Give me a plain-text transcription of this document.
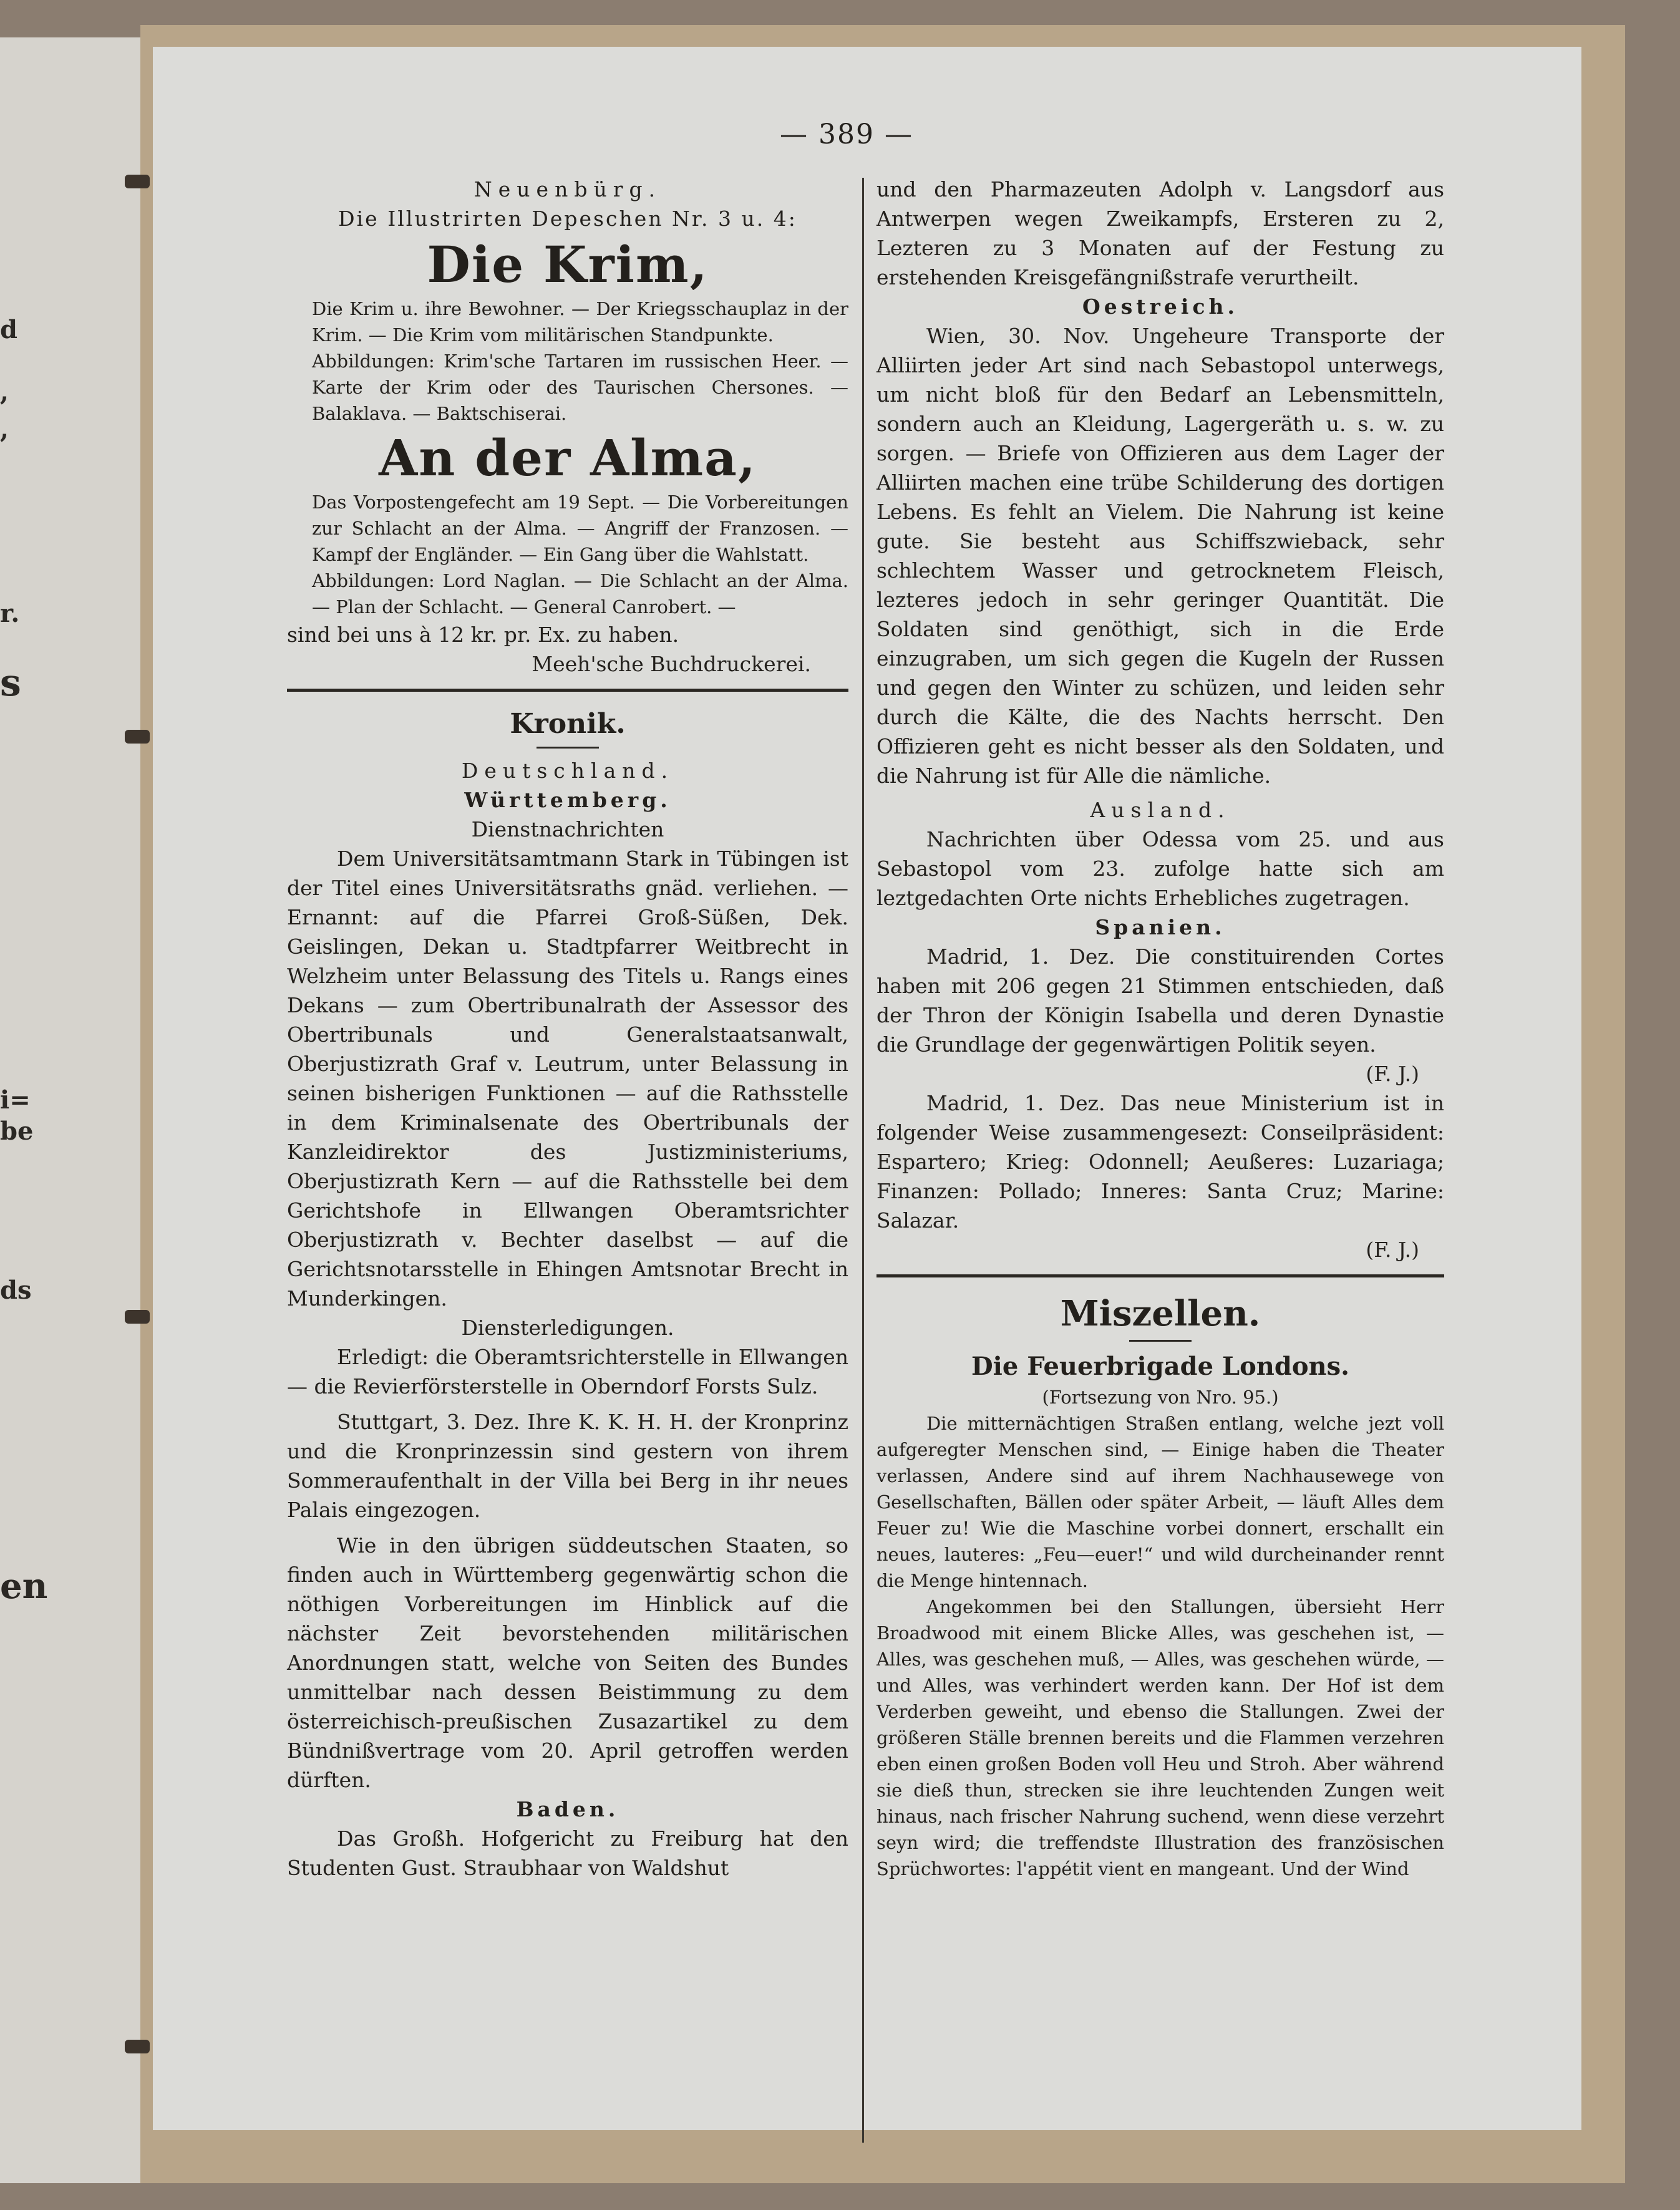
d
,
,
r.
s
i=
be
ds
en
— 389 —

Neuenbürg.

Die Illustrirten Depeschen Nr. 3 u. 4:

Die Krim,

Die Krim u. ihre Bewohner. — Der Kriegsschauplaz in der Krim. — Die Krim vom militärischen Standpunkte.

Abbildungen: Krim'sche Tartaren im russischen Heer. — Karte der Krim oder des Taurischen Chersones. — Balaklava. — Baktschiserai.

An der Alma,

Das Vorpostengefecht am 19 Sept. — Die Vorbereitungen zur Schlacht an der Alma. — Angriff der Franzosen. — Kampf der Engländer. — Ein Gang über die Wahlstatt.

Abbildungen: Lord Naglan. — Die Schlacht an der Alma. — Plan der Schlacht. — General Canrobert. —

sind bei uns à 12 kr. pr. Ex. zu haben.

Meeh'sche Buchdruckerei.

Kronik.

Deutschland.

Württemberg.

Dienstnachrichten

Dem Universitätsamtmann Stark in Tübingen ist der Titel eines Universitätsraths gnäd. verliehen. — Ernannt: auf die Pfarrei Groß-Süßen, Dek. Geislingen, Dekan u. Stadtpfarrer Weitbrecht in Welzheim unter Belassung des Titels u. Rangs eines Dekans — zum Obertribunalrath der Assessor des Obertribunals und Generalstaatsanwalt, Oberjustizrath Graf v. Leutrum, unter Belassung in seinen bisherigen Funktionen — auf die Rathsstelle in dem Kriminalsenate des Obertribunals der Kanzleidirektor des Justizministeriums, Oberjustizrath Kern — auf die Rathsstelle bei dem Gerichtshofe in Ellwangen Oberamtsrichter Oberjustizrath v. Bechter daselbst — auf die Gerichtsnotarsstelle in Ehingen Amtsnotar Brecht in Munderkingen.

Diensterledigungen.

Erledigt: die Oberamtsrichterstelle in Ellwangen — die Revierförsterstelle in Oberndorf Forsts Sulz.

Stuttgart, 3. Dez. Ihre K. K. H. H. der Kronprinz und die Kronprinzessin sind gestern von ihrem Sommeraufenthalt in der Villa bei Berg in ihr neues Palais eingezogen.

Wie in den übrigen süddeutschen Staaten, so finden auch in Württemberg gegenwärtig schon die nöthigen Vorbereitungen im Hinblick auf die nächster Zeit bevorstehenden militärischen Anordnungen statt, welche von Seiten des Bundes unmittelbar nach dessen Beistimmung zu dem österreichisch-preußischen Zusazartikel zu dem Bündnißvertrage vom 20. April getroffen werden dürften.

Baden.

Das Großh. Hofgericht zu Freiburg hat den Studenten Gust. Straubhaar von Waldshut

und den Pharmazeuten Adolph v. Langsdorf aus Antwerpen wegen Zweikampfs, Ersteren zu 2, Lezteren zu 3 Monaten auf der Festung zu erstehenden Kreisgefängnißstrafe verurtheilt.

Oestreich.

Wien, 30. Nov. Ungeheure Transporte der Alliirten jeder Art sind nach Sebastopol unterwegs, um nicht bloß für den Bedarf an Lebensmitteln, sondern auch an Kleidung, Lagergeräth u. s. w. zu sorgen. — Briefe von Offizieren aus dem Lager der Alliirten machen eine trübe Schilderung des dortigen Lebens. Es fehlt an Vielem. Die Nahrung ist keine gute. Sie besteht aus Schiffszwieback, sehr schlechtem Wasser und getrocknetem Fleisch, lezteres jedoch in sehr geringer Quantität. Die Soldaten sind genöthigt, sich in die Erde einzugraben, um sich gegen die Kugeln der Russen und gegen den Winter zu schüzen, und leiden sehr durch die Kälte, die des Nachts herrscht. Den Offizieren geht es nicht besser als den Soldaten, und die Nahrung ist für Alle die nämliche.

Ausland.

Nachrichten über Odessa vom 25. und aus Sebastopol vom 23. zufolge hatte sich am leztgedachten Orte nichts Erhebliches zugetragen.

Spanien.

Madrid, 1. Dez. Die constituirenden Cortes haben mit 206 gegen 21 Stimmen entschieden, daß der Thron der Königin Isabella und deren Dynastie die Grundlage der gegenwärtigen Politik seyen.

(F. J.)

Madrid, 1. Dez. Das neue Ministerium ist in folgender Weise zusammengesezt: Conseilpräsident: Espartero; Krieg: Odonnell; Aeußeres: Luzariaga; Finanzen: Pollado; Inneres: Santa Cruz; Marine: Salazar.

(F. J.)

Miszellen.
Die Feuerbrigade Londons.

(Fortsezung von Nro. 95.)

Die mitternächtigen Straßen entlang, welche jezt voll aufgeregter Menschen sind, — Einige haben die Theater verlassen, Andere sind auf ihrem Nachhausewege von Gesellschaften, Bällen oder später Arbeit, — läuft Alles dem Feuer zu! Wie die Maschine vorbei donnert, erschallt ein neues, lauteres: „Feu—euer!“ und wild durcheinander rennt die Menge hintennach.

Angekommen bei den Stallungen, übersieht Herr Broadwood mit einem Blicke Alles, was geschehen ist, — Alles, was geschehen muß, — Alles, was geschehen würde, — und Alles, was verhindert werden kann. Der Hof ist dem Verderben geweiht, und ebenso die Stallungen. Zwei der größeren Ställe brennen bereits und die Flammen verzehren eben einen großen Boden voll Heu und Stroh. Aber während sie dieß thun, strecken sie ihre leuchtenden Zungen weit hinaus, nach frischer Nahrung suchend, wenn diese verzehrt seyn wird; die treffendste Illustration des französischen Sprüchwortes: l'appétit vient en mangeant. Und der Wind
